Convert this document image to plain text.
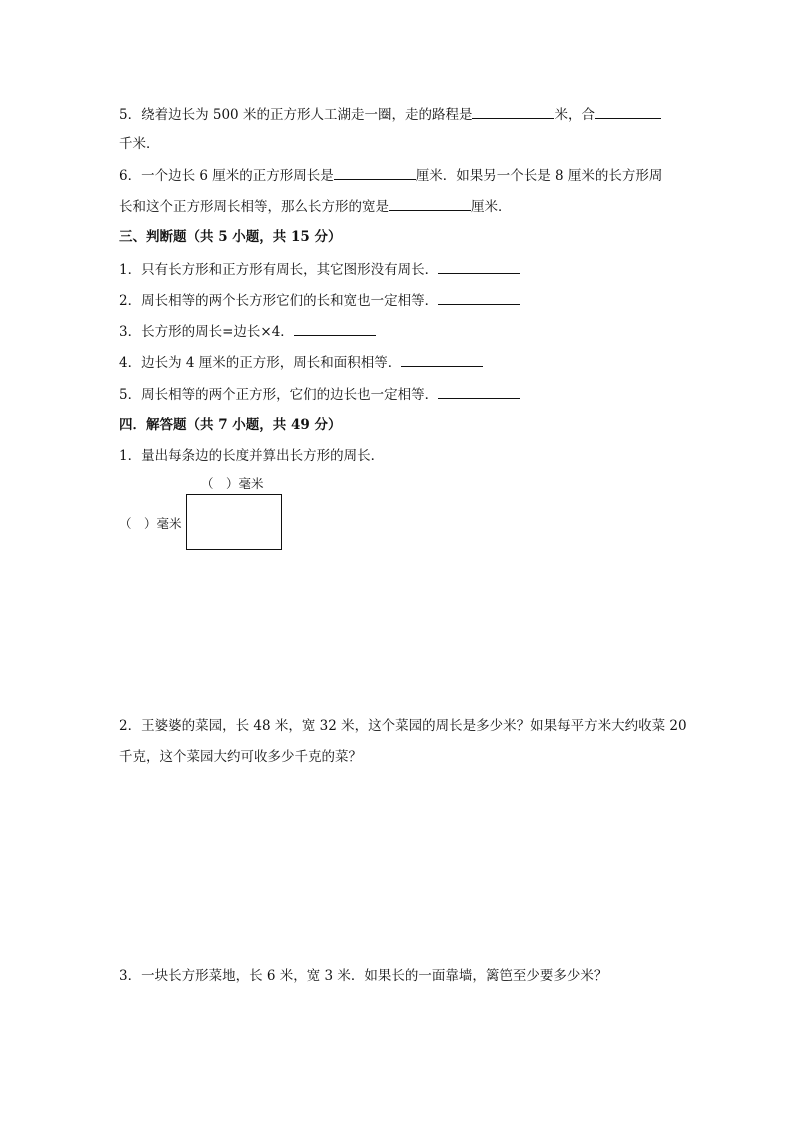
5．绕着边长为 500 米的正方形人工湖走一圈，走的路程是	米，合
千米．
6．一个边长 6 厘米的正方形周长是	厘米．如果另一个长是 8 厘米的长方形周
长和这个正方形周长相等，那么长方形的宽是	厘米．
三、判断题（共 5 小题，共 15 分）
1．只有长方形和正方形有周长，其它图形没有周长．
2．周长相等的两个长方形它们的长和宽也一定相等．
3．长方形的周长=边长×4．
4．边长为 4 厘米的正方形，周长和面积相等．
5．周长相等的两个正方形，它们的边长也一定相等．
四．解答题（共 7 小题，共 49 分）
1．量出每条边的长度并算出长方形的周长．
（　）毫米
（　）毫米
2．王婆婆的菜园，长 48 米，宽 32 米，这个菜园的周长是多少米？如果每平方米大约收菜 20
千克，这个菜园大约可收多少千克的菜？
3．一块长方形菜地，长 6 米，宽 3 米．如果长的一面靠墙，篱笆至少要多少米？
